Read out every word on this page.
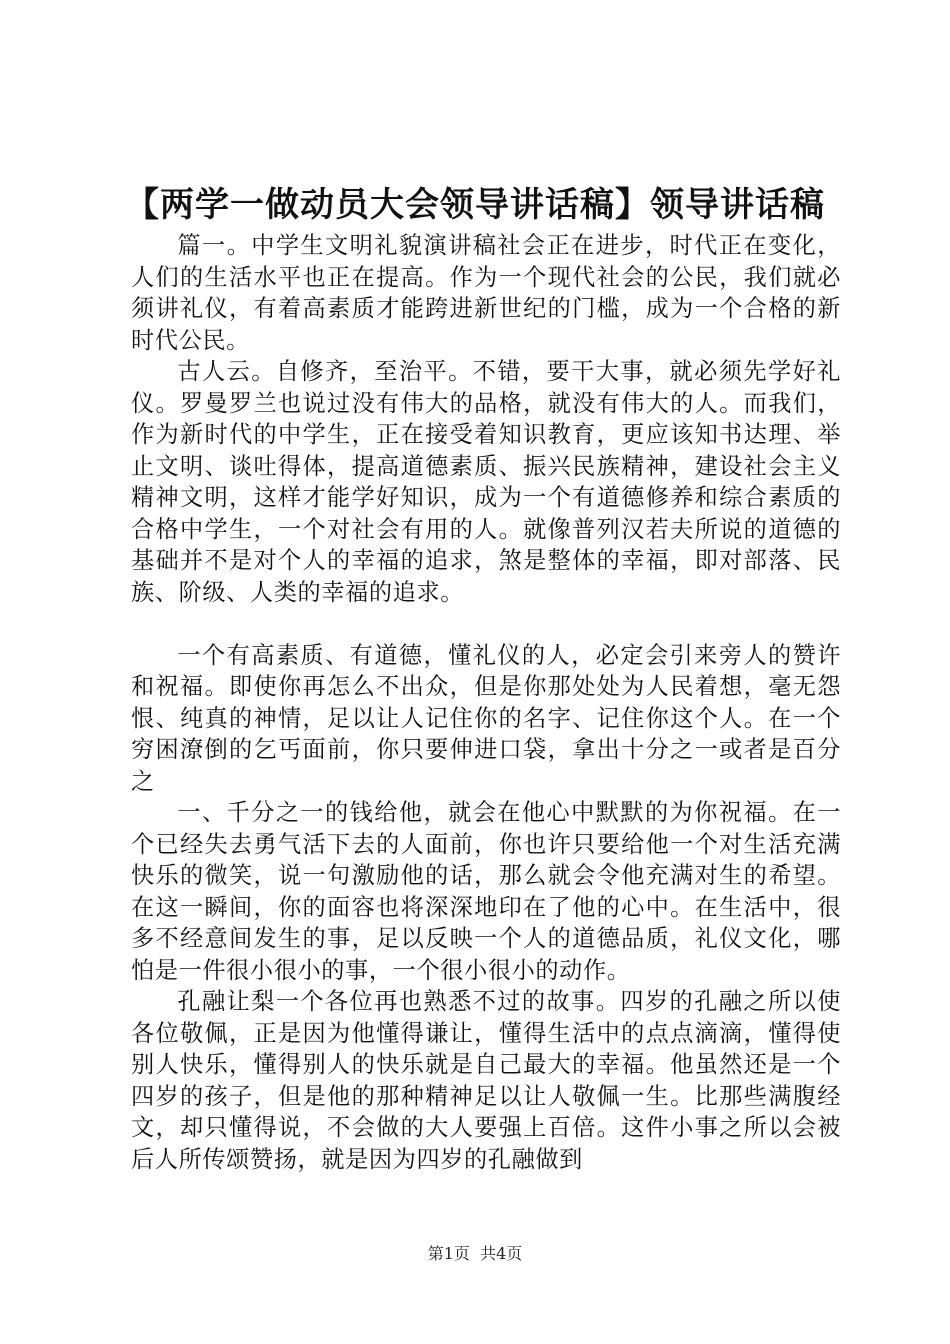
【两学一做动员大会领导讲话稿】领导讲话稿

篇一。中学生文明礼貌演讲稿社会正在进步，时代正在变化，人们的生活水平也正在提高。作为一个现代社会的公民，我们就必须讲礼仪，有着高素质才能跨进新世纪的门槛，成为一个合格的新时代公民。

古人云。自修齐，至治平。不错，要干大事，就必须先学好礼仪。罗曼罗兰也说过没有伟大的品格，就没有伟大的人。而我们，作为新时代的中学生，正在接受着知识教育，更应该知书达理、举止文明、谈吐得体，提高道德素质、振兴民族精神，建设社会主义精神文明，这样才能学好知识，成为一个有道德修养和综合素质的合格中学生，一个对社会有用的人。就像普列汉若夫所说的道德的基础并不是对个人的幸福的追求，煞是整体的幸福，即对部落、民族、阶级、人类的幸福的追求。

一个有高素质、有道德，懂礼仪的人，必定会引来旁人的赞许和祝福。即使你再怎么不出众，但是你那处处为人民着想，毫无怨恨、纯真的神情，足以让人记住你的名字、记住你这个人。在一个穷困潦倒的乞丐面前，你只要伸进口袋，拿出十分之一或者是百分之

一、千分之一的钱给他，就会在他心中默默的为你祝福。在一个已经失去勇气活下去的人面前，你也许只要给他一个对生活充满快乐的微笑，说一句激励他的话，那么就会令他充满对生的希望。在这一瞬间，你的面容也将深深地印在了他的心中。在生活中，很多不经意间发生的事，足以反映一个人的道德品质，礼仪文化，哪怕是一件很小很小的事，一个很小很小的动作。

孔融让梨一个各位再也熟悉不过的故事。四岁的孔融之所以使各位敬佩，正是因为他懂得谦让，懂得生活中的点点滴滴，懂得使别人快乐，懂得别人的快乐就是自己最大的幸福。他虽然还是一个四岁的孩子，但是他的那种精神足以让人敬佩一生。比那些满腹经文，却只懂得说，不会做的大人要强上百倍。这件小事之所以会被后人所传颂赞扬，就是因为四岁的孔融做到

第1页 共4页
